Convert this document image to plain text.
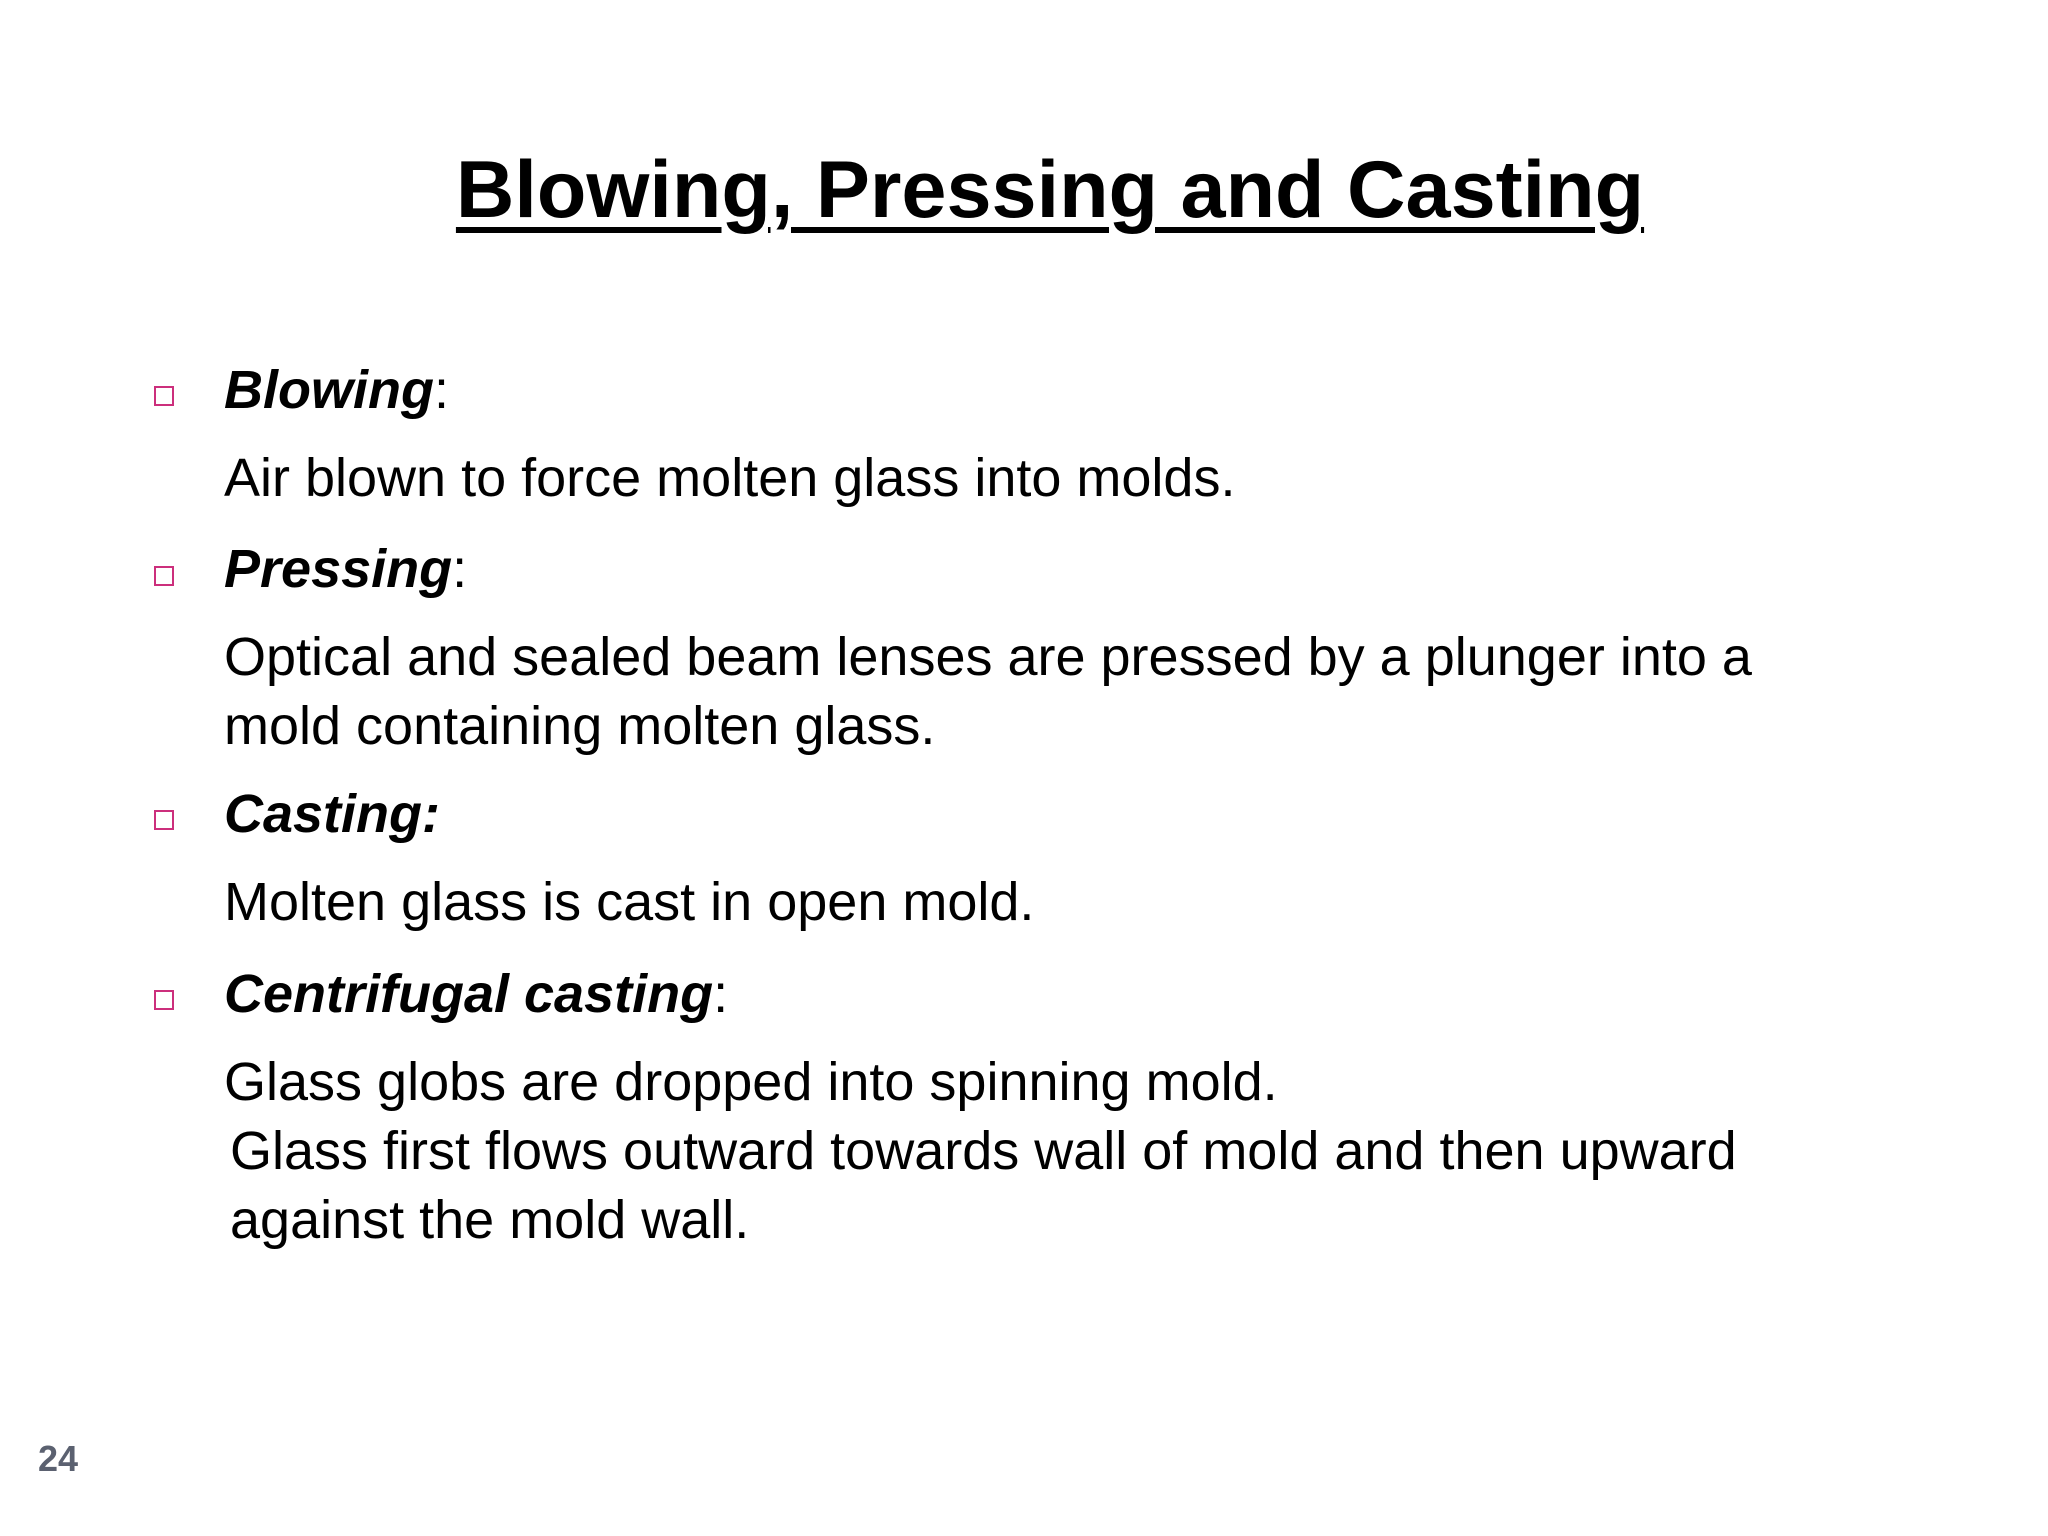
Blowing, Pressing and Casting
Blowing:
Air blown to force molten glass into molds.
Pressing:
Optical and sealed beam lenses are pressed by a plunger into a
mold containing molten glass.
Casting:
Molten glass is cast in open mold.
Centrifugal casting:
Glass globs are dropped into spinning mold.
Glass first flows outward towards wall of mold and then upward
against the mold wall.
24
